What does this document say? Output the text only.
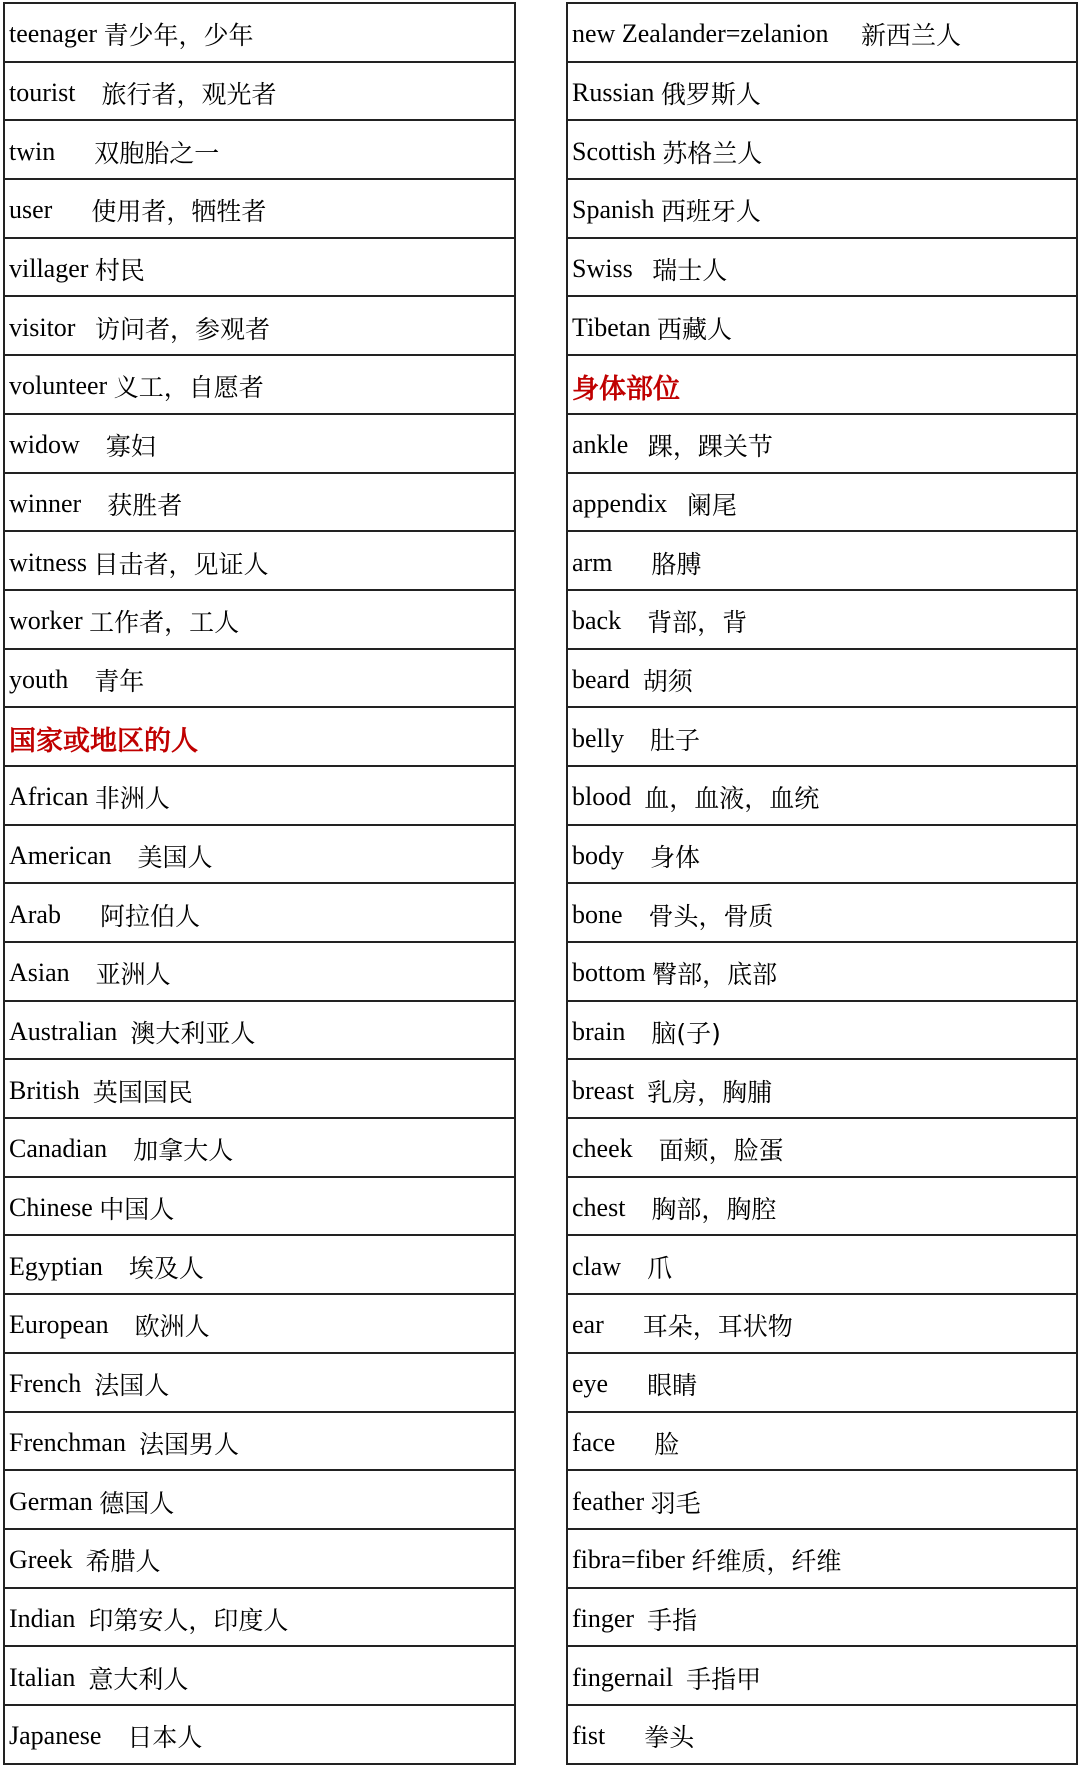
teenager 青少年，少年
tourist 旅行者，观光者
twin 双胞胎之一
user 使用者，牺牲者
villager 村民
visitor 访问者，参观者
volunteer 义工，自愿者
widow 寡妇
winner 获胜者
witness 目击者，见证人
worker 工作者，工人
youth 青年
国家或地区的人
African 非洲人
American 美国人
Arab 阿拉伯人
Asian 亚洲人
Australian 澳大利亚人
British 英国国民
Canadian 加拿大人
Chinese 中国人
Egyptian 埃及人
European 欧洲人
French 法国人
Frenchman 法国男人
German 德国人
Greek 希腊人
Indian 印第安人，印度人
Italian 意大利人
Japanese 日本人
new Zealander=zelanion 新西兰人
Russian 俄罗斯人
Scottish 苏格兰人
Spanish 西班牙人
Swiss 瑞士人
Tibetan 西藏人
身体部位
ankle 踝，踝关节
appendix 阑尾
arm 胳膊
back 背部，背
beard 胡须
belly 肚子
blood 血，血液，血统
body 身体
bone 骨头，骨质
bottom 臀部，底部
brain 脑(子)
breast 乳房，胸脯
cheek 面颊，脸蛋
chest 胸部，胸腔
claw 爪
ear 耳朵，耳状物
eye 眼睛
face 脸
feather 羽毛
fibra=fiber 纤维质，纤维
finger 手指
fingernail 手指甲
fist 拳头
